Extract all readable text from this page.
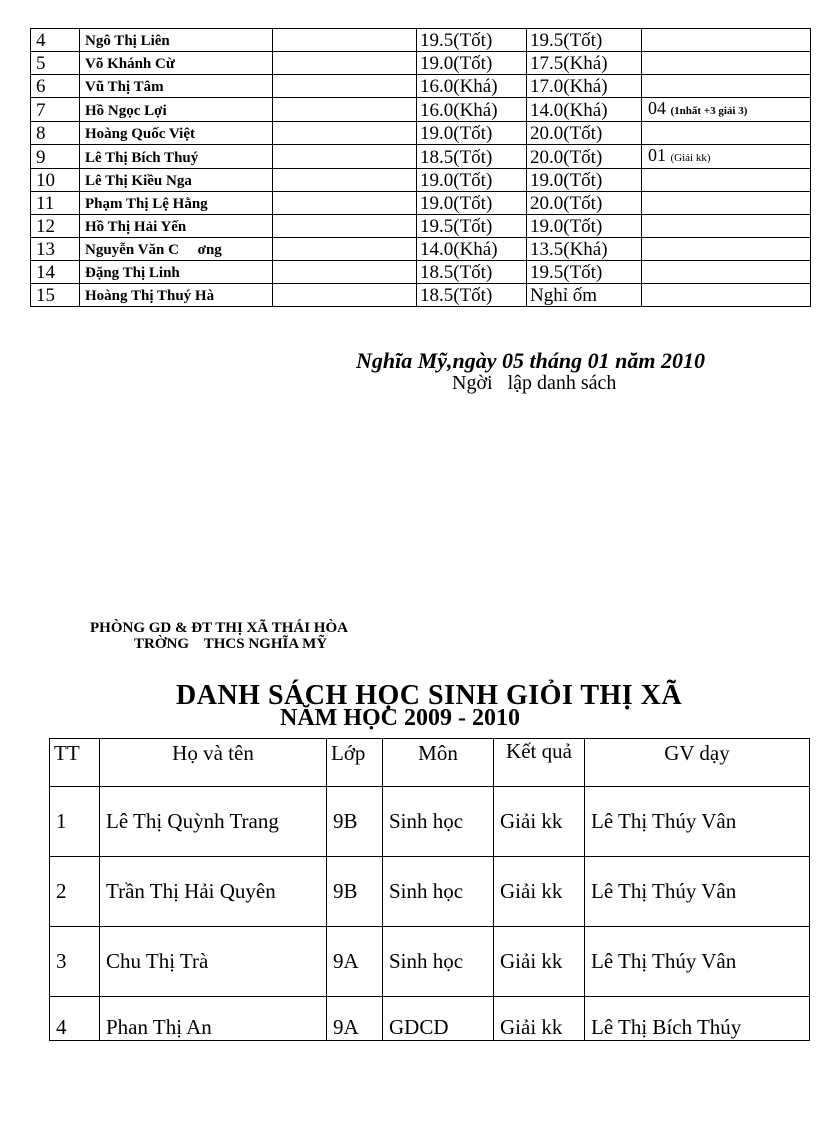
4	Ngô Thị Liên		19.5(Tốt)	19.5(Tốt)	
5	Võ Khánh Cừ		19.0(Tốt)	17.5(Khá)	
6	Vũ Thị Tâm		16.0(Khá)	17.0(Khá)	
7	Hồ Ngọc Lợi		16.0(Khá)	14.0(Khá)	04 (1nhất +3 giải 3)
8	Hoàng Quốc Việt		19.0(Tốt)	20.0(Tốt)	
9	Lê Thị Bích Thuý		18.5(Tốt)	20.0(Tốt)	01 (Giải kk)
10	Lê Thị Kiều Nga		19.0(Tốt)	19.0(Tốt)	
11	Phạm Thị Lệ Hằng		19.0(Tốt)	20.0(Tốt)	
12	Hồ Thị Hải Yến		19.5(Tốt)	19.0(Tốt)	
13	Nguyễn Văn C     ơng		14.0(Khá)	13.5(Khá)	
14	Đặng Thị Linh		18.5(Tốt)	19.5(Tốt)	
15	Hoàng Thị Thuý Hà		18.5(Tốt)	Nghỉ ốm	
Nghĩa Mỹ,ngày 05 tháng 01 năm 2010
Ngời   lập danh sách
PHÒNG GD & ĐT THỊ XÃ THÁI HÒA
TRỜNG    THCS NGHĨA MỸ
DANH SÁCH HỌC SINH GIỎI THỊ XÃ
NĂM HỌC 2009 - 2010
TT	Họ và tên	Lớp	Môn	Kết quả	GV dạy
1	Lê Thị Quỳnh Trang	9B	Sinh học	Giải kk	Lê Thị Thúy Vân
2	Trần Thị Hải Quyên	9B	Sinh học	Giải kk	Lê Thị Thúy Vân
3	Chu Thị Trà	9A	Sinh học	Giải kk	Lê Thị Thúy Vân
4	Phan Thị An	9A	GDCD	Giải kk	Lê Thị Bích Thúy
